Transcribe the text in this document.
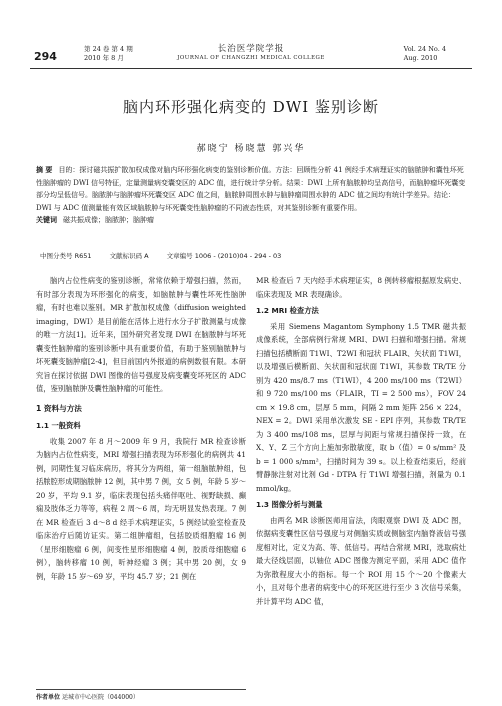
294
第 24 卷 第 4 期
2010 年 8 月
长治医学院学报
JOURNAL OF CHANGZHI MEDICAL COLLEGE
Vol. 24 No. 4
Aug. 2010
脑内环形强化病变的 DWI 鉴别诊断
郝晓宁 杨晓慧 郭兴华

摘 要 目的：探讨磁共振扩散加权成像对脑内环形强化病变的鉴别诊断价值。方法：回顾性分析 41 例经手术病理证实的脑脓肿和囊性坏死性脑肿瘤的 DWI 信号特征，定量测量病变囊变区的 ADC 值，进行统计学分析。结果：DWI 上所有脑脓肿均呈高信号，而脑肿瘤坏死囊变部分均呈低信号。脑脓肿与脑肿瘤坏死囊变区 ADC 值之间，脑脓肿周围水肿与脑肿瘤周围水肿的 ADC 值之间均有统计学差异。结论：DWI 与 ADC 值测量能有效区域脑脓肿与坏死囊变性脑肿瘤的不同液态性质，对其鉴别诊断有重要作用。

关键词 磁共振成像；脑脓肿；脑肿瘤

中图分类号 R651	文献标识码 A	文章编号 1006 - (2010)04 - 294 - 03

脑内占位性病变的鉴别诊断，常常依赖于增强扫描，然而，有时部分表现为环形强化的病变，如脑脓肿与囊性坏死性脑肿瘤，有时也难以鉴别。MR 扩散加权成像（diffusion weighted imaging，DWI）是目前能在活体上进行水分子扩散测量与成像的唯一方法[1]。近年来，国外研究者发现 DWI 在脑脓肿与坏死囊变性脑肿瘤的鉴别诊断中具有重要价值，有助于鉴别脑脓肿与坏死囊变脑肿瘤[2-4]，但目前国内外报道的病例数很有限。本研究旨在探讨依据 DWI 图像的信号强度及病变囊变坏死区的 ADC 值，鉴别脑脓肿及囊性脑肿瘤的可能性。

1 资料与方法
1.1 一般资料

收集 2007 年 8 月～2009 年 9 月，我院行 MR 检查诊断为脑内占位性病变，MRI 增强扫描表现为环形强化的病例共 41 例，同期性复习临床病历，将其分为两组，第一组脑脓肿组，包括脓腔形成期脑脓肿 12 例，其中男 7 例，女 5 例，年龄 5 岁～20 岁，平均 9.1 岁，临床表现包括头痛伴呕吐、视野缺损、癫痫及肢体乏力等等，病程 2 周～6 周，均无明显发热表现。7 例在 MR 检查后 3 d～8 d 经手术病理证实，5 例经试验室检查及临床治疗后随访证实。第二组肿瘤组，包括胶质细胞瘤 16 例（星形细胞瘤 6 例，间变性星形细胞瘤 4 例，胶质母细胞瘤 6 例），脑转移瘤 10 例，听神经瘤 3 例；其中男 20 例，女 9 例，年龄 15 岁～69 岁，平均 45.7 岁；21 例在

MR 检查后 7 天内经手术病理证实，8 例转移瘤根据原发病史、临床表现及 MR 表现确诊。

1.2 MRI 检查方法

采用 Siemens Magantom Symphony 1.5 TMR 磁共振成像系统，全部病例行常规 MRI、DWI 扫描和增强扫描。常规扫描包括横断面 T1WI、T2WI 和冠状 FLAIR、矢状面 T1WI，以及增强后横断面、矢状面和冠状面 T1WI，其参数 TR/TE 分别为 420 ms/8.7 ms（T1WI），4 200 ms/100 ms（T2WI）和 9 720 ms/100 ms（FLAIR，TI = 2 500 ms），FOV 24 cm × 19.8 cm，层厚 5 mm，间隔 2 mm 矩阵 256 × 224，NEX = 2。DWI 采用单次激发 SE - EPI 序列，其参数 TR/TE 为 3 400 ms/108 ms，层厚与间距与常规扫描保持一致，在 X、Y、Z 三个方向上施加弥散敏度，取 b（值）= 0 s/mm² 及 b = 1 000 s/mm²，扫描时间为 39 s。以上检查结束后，经前臂静脉注射对比剂 Gd - DTPA 行 T1WI 增强扫描，剂量为 0.1 mmol/kg。

1.3 图像分析与测量

由两名 MR 诊断医师用盲法，肉眼观察 DWI 及 ADC 图，依据病变囊性区信号强度与对侧脑实质或侧脑室内脑脊液信号强度相对比，定义为高、等、低信号。再结合常规 MRI，选取病灶最大径线层面，以轴位 ADC 图像为测定平面，采用 ADC 值作为弥散程度大小的指标。每一个 ROI 用 15 个～20 个像素大小，且对每个患者的病变中心的环死区进行至少 3 次信号采集，并计算平均 ADC 值，

作者单位 运城市中心医院（044000）
